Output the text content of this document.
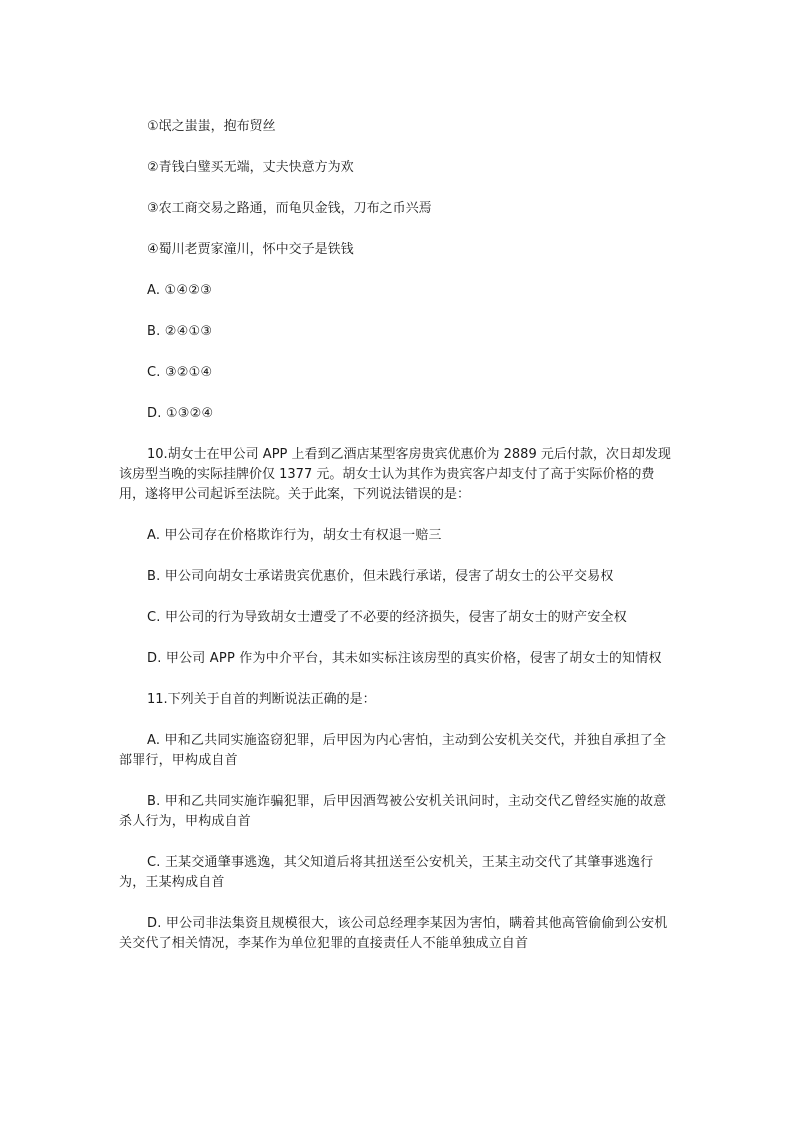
①氓之蚩蚩，抱布贸丝

②青钱白璧买无端，丈夫快意方为欢

③农工商交易之路通，而龟贝金钱，刀布之币兴焉

④蜀川老贾家潼川，怀中交子是铁钱

A. ①④②③

B. ②④①③

C. ③②①④

D. ①③②④

10.胡女士在甲公司 APP 上看到乙酒店某型客房贵宾优惠价为 2889 元后付款，次日却发现该房型当晚的实际挂牌价仅 1377 元。胡女士认为其作为贵宾客户却支付了高于实际价格的费用，遂将甲公司起诉至法院。关于此案，下列说法错误的是：

A. 甲公司存在价格欺诈行为，胡女士有权退一赔三

B. 甲公司向胡女士承诺贵宾优惠价，但未践行承诺，侵害了胡女士的公平交易权

C. 甲公司的行为导致胡女士遭受了不必要的经济损失，侵害了胡女士的财产安全权

D. 甲公司 APP 作为中介平台，其未如实标注该房型的真实价格，侵害了胡女士的知情权

11.下列关于自首的判断说法正确的是：

A. 甲和乙共同实施盗窃犯罪，后甲因为内心害怕，主动到公安机关交代，并独自承担了全部罪行，甲构成自首

B. 甲和乙共同实施诈骗犯罪，后甲因酒驾被公安机关讯问时，主动交代乙曾经实施的故意杀人行为，甲构成自首

C. 王某交通肇事逃逸，其父知道后将其扭送至公安机关，王某主动交代了其肇事逃逸行为，王某构成自首

D. 甲公司非法集资且规模很大，该公司总经理李某因为害怕，瞒着其他高管偷偷到公安机关交代了相关情况，李某作为单位犯罪的直接责任人不能单独成立自首
